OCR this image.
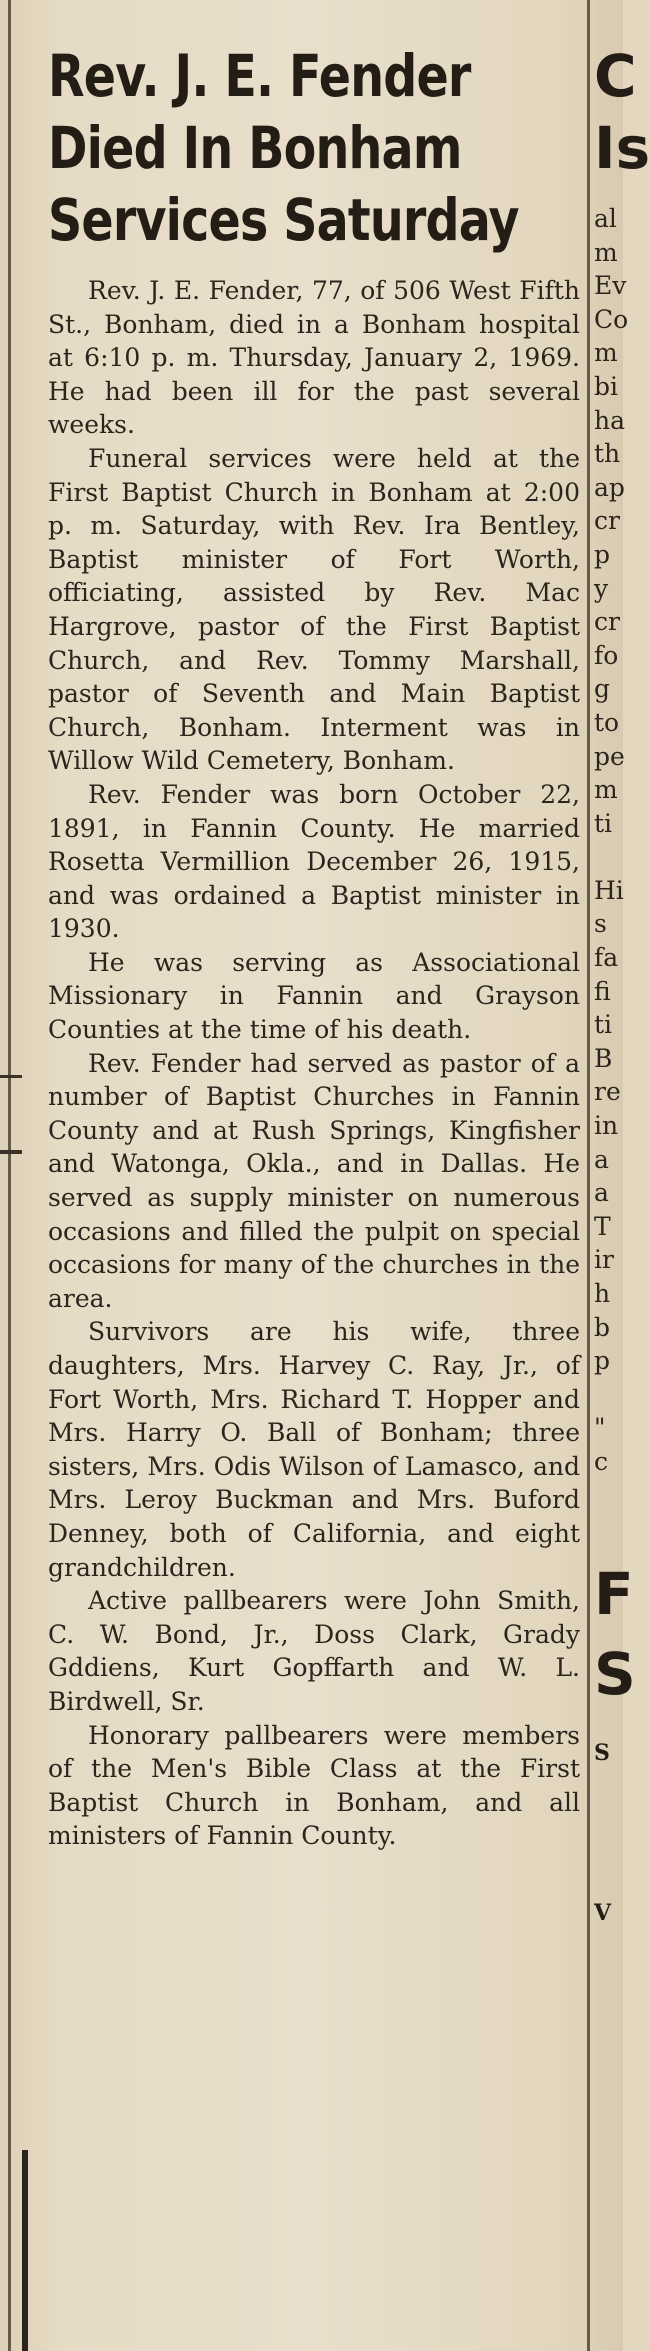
Rev. J. E. Fender
Died In Bonham
Services Saturday

Rev. J. E. Fender, 77, of 506 West Fifth St., Bonham, died in a Bonham hospital at 6:10 p. m. Thursday, January 2, 1969. He had been ill for the past several weeks.

Funeral services were held at the First Baptist Church in Bonham at 2:00 p. m. Saturday, with Rev. Ira Bentley, Baptist minister of Fort Worth, officiating, assisted by Rev. Mac Hargrove, pastor of the First Baptist Church, and Rev. Tommy Marshall, pastor of Seventh and Main Baptist Church, Bonham. Interment was in Willow Wild Cemetery, Bonham.

Rev. Fender was born October 22, 1891, in Fannin County. He married Rosetta Vermillion December 26, 1915, and was ordained a Baptist minister in 1930.

He was serving as Associational Missionary in Fannin and Grayson Counties at the time of his death.

Rev. Fender had served as pastor of a number of Baptist Churches in Fannin County and at Rush Springs, Kingfisher and Watonga, Okla., and in Dallas. He served as supply minister on numerous occasions and filled the pulpit on special occasions for many of the churches in the area.

Survivors are his wife, three daughters, Mrs. Harvey C. Ray, Jr., of Fort Worth, Mrs. Richard T. Hopper and Mrs. Harry O. Ball of Bonham; three sisters, Mrs. Odis Wilson of Lamasco, and Mrs. Leroy Buckman and Mrs. Buford Denney, both of California, and eight grandchildren.

Active pallbearers were John Smith, C. W. Bond, Jr., Doss Clark, Grady Gddiens, Kurt Gopffarth and W. L. Birdwell, Sr.

Honorary pallbearers were members of the Men's Bible Class at the First Baptist Church in Bonham, and all ministers of Fannin County.

C
Is
al
m
Ev
Co
m
bi
ha
th
ap
cr
p
y
cr
fo
g
to
pe
m
ti
Hi
s
fa
fi
ti
B
re
in
a
a
T
ir
h
b
p
"
c
F
S
S
V
